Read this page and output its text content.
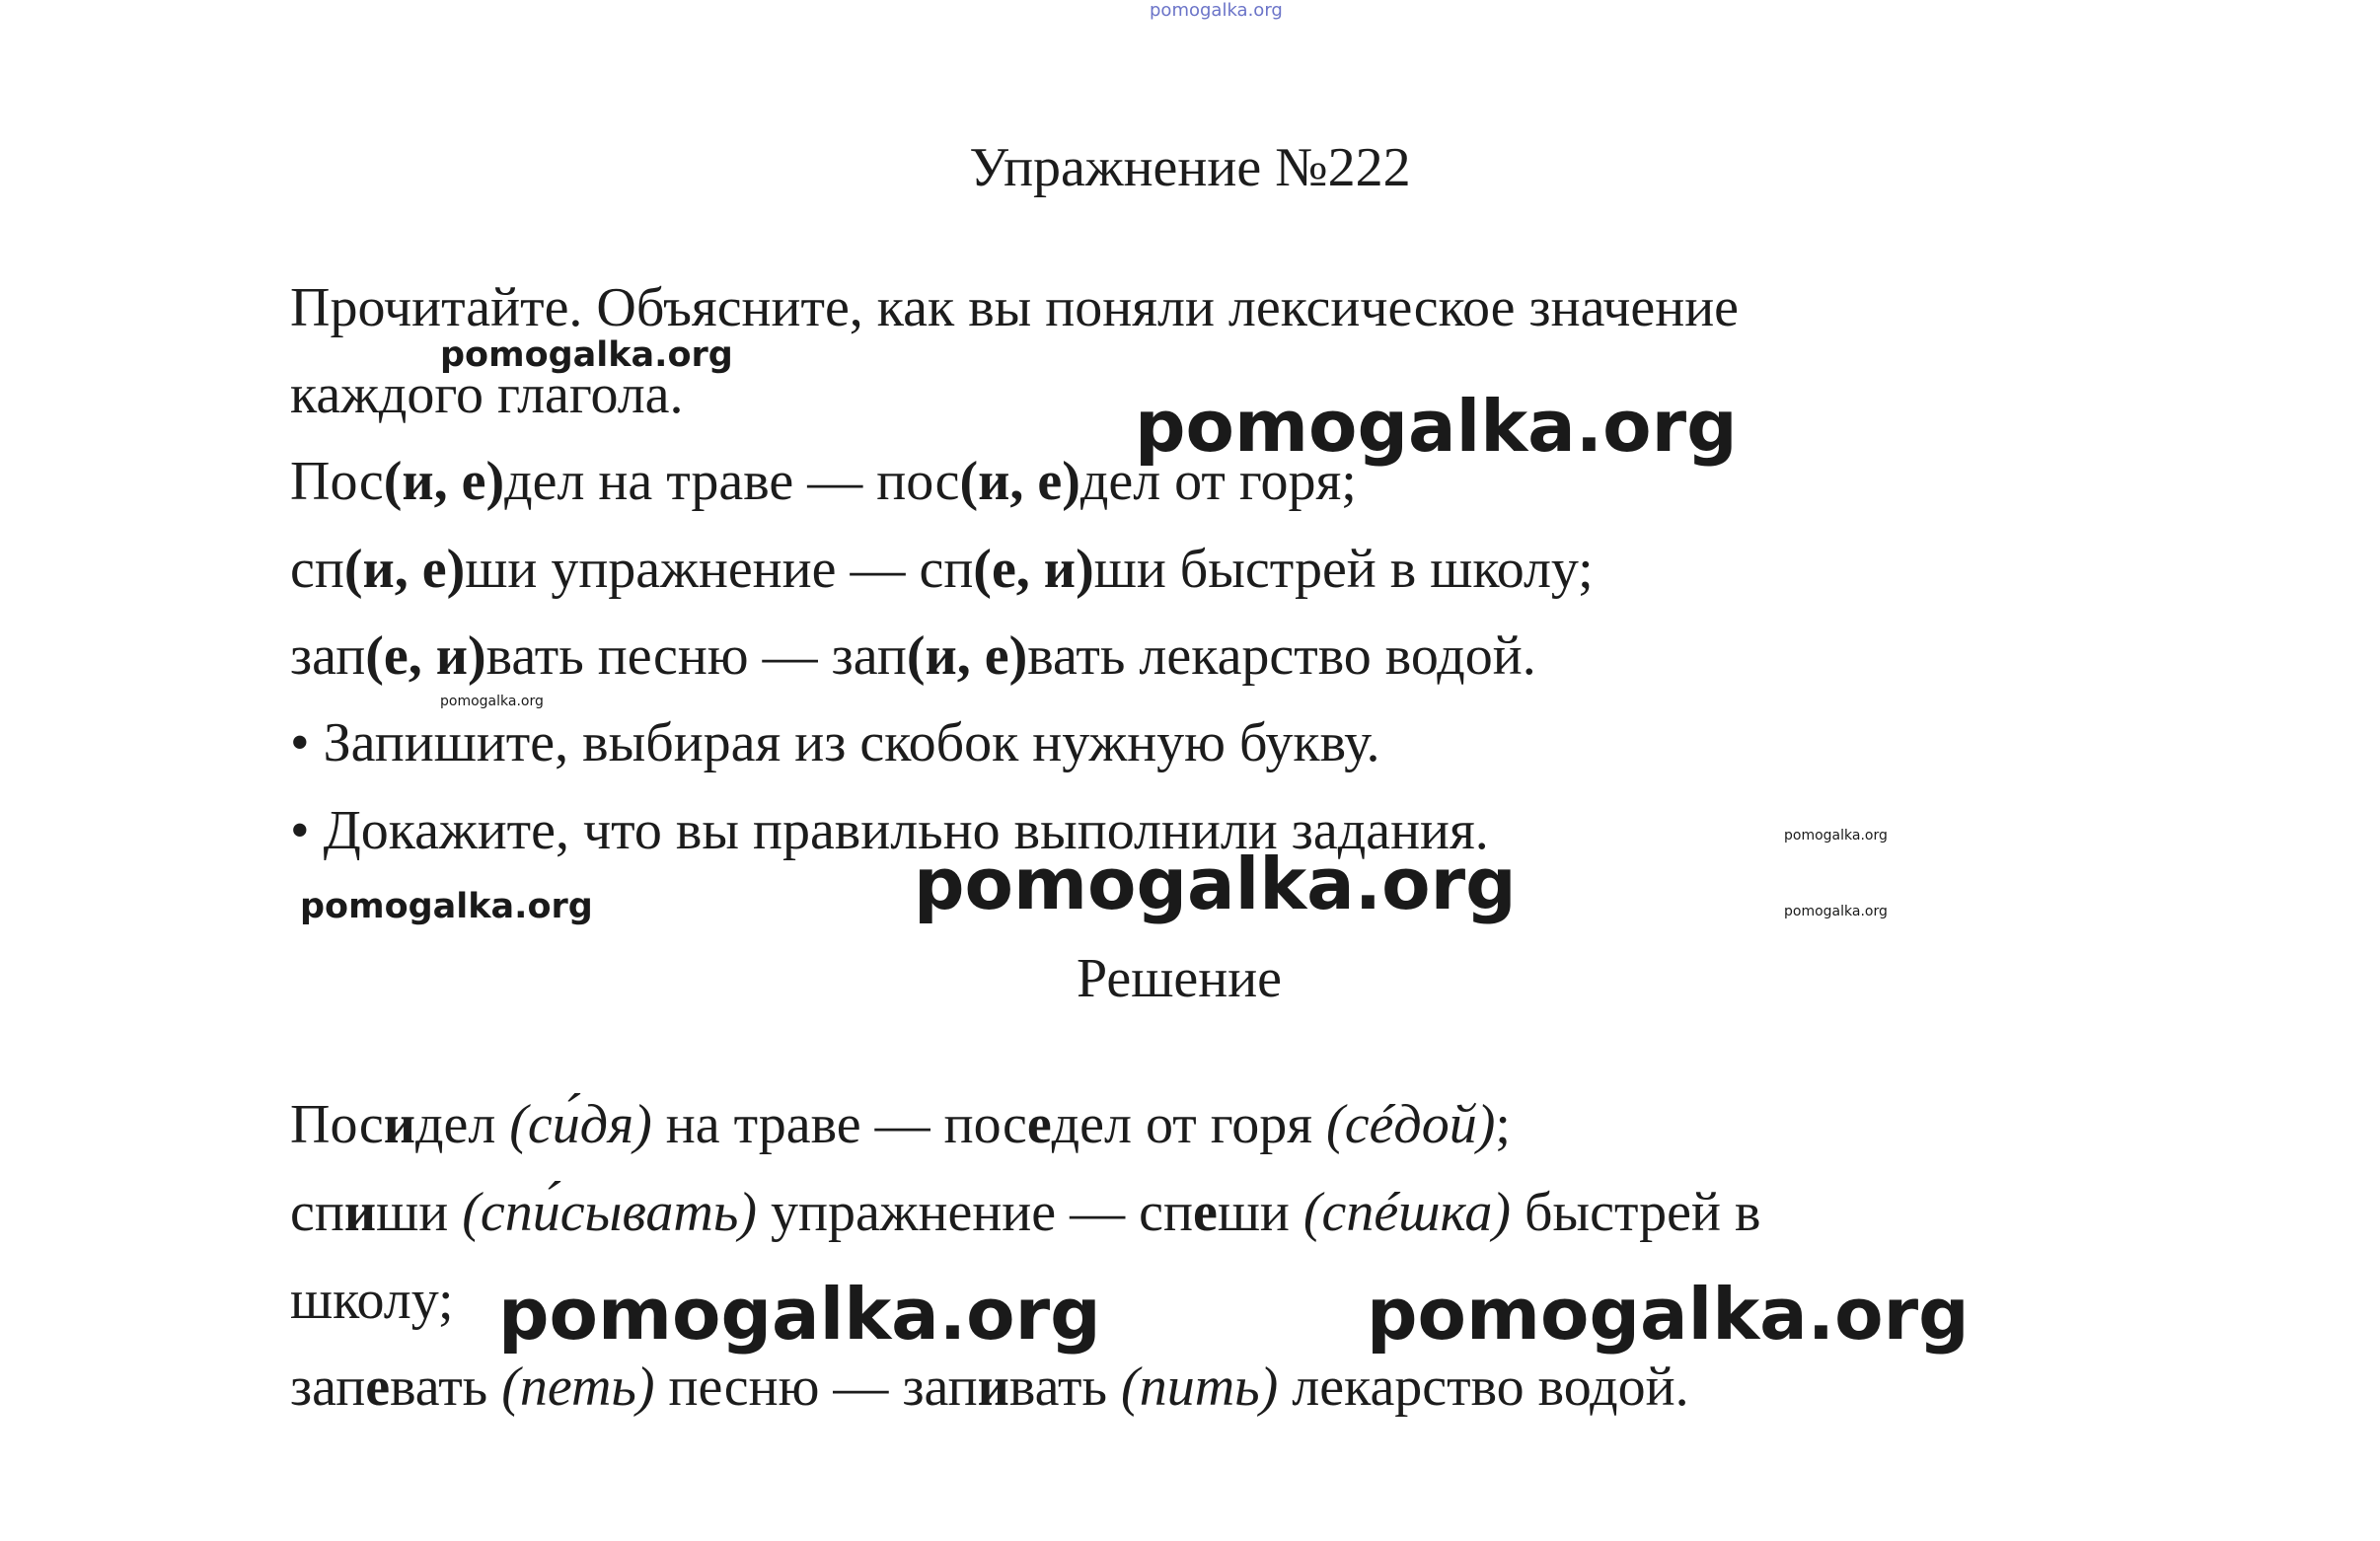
pomogalka.org
pomogalka.org
pomogalka.org
pomogalka.org
pomogalka.org
pomogalka.org
pomogalka.org	pomogalka.org
pomogalka.org	pomogalka.org
Упражнение №222
Прочитайте. Объясните, как вы поняли лексическое значение
каждого глагола.
Пос(и, е)дел на траве — пос(и, е)дел от горя;
сп(и, е)ши упражнение — сп(е, и)ши быстрей в школу;
зап(е, и)вать песню — зап(и, е)вать лекарство водой.
• Запишите, выбирая из скобок нужную букву.
• Докажите, что вы правильно выполнили задания.
Решение
Посидел (си́дя) на траве — поседел от горя (сéдой);
спиши (спи́сывать) упражнение — спеши (спéшка) быстрей в
школу;
запевать (петь) песню — запивать (пить) лекарство водой.
